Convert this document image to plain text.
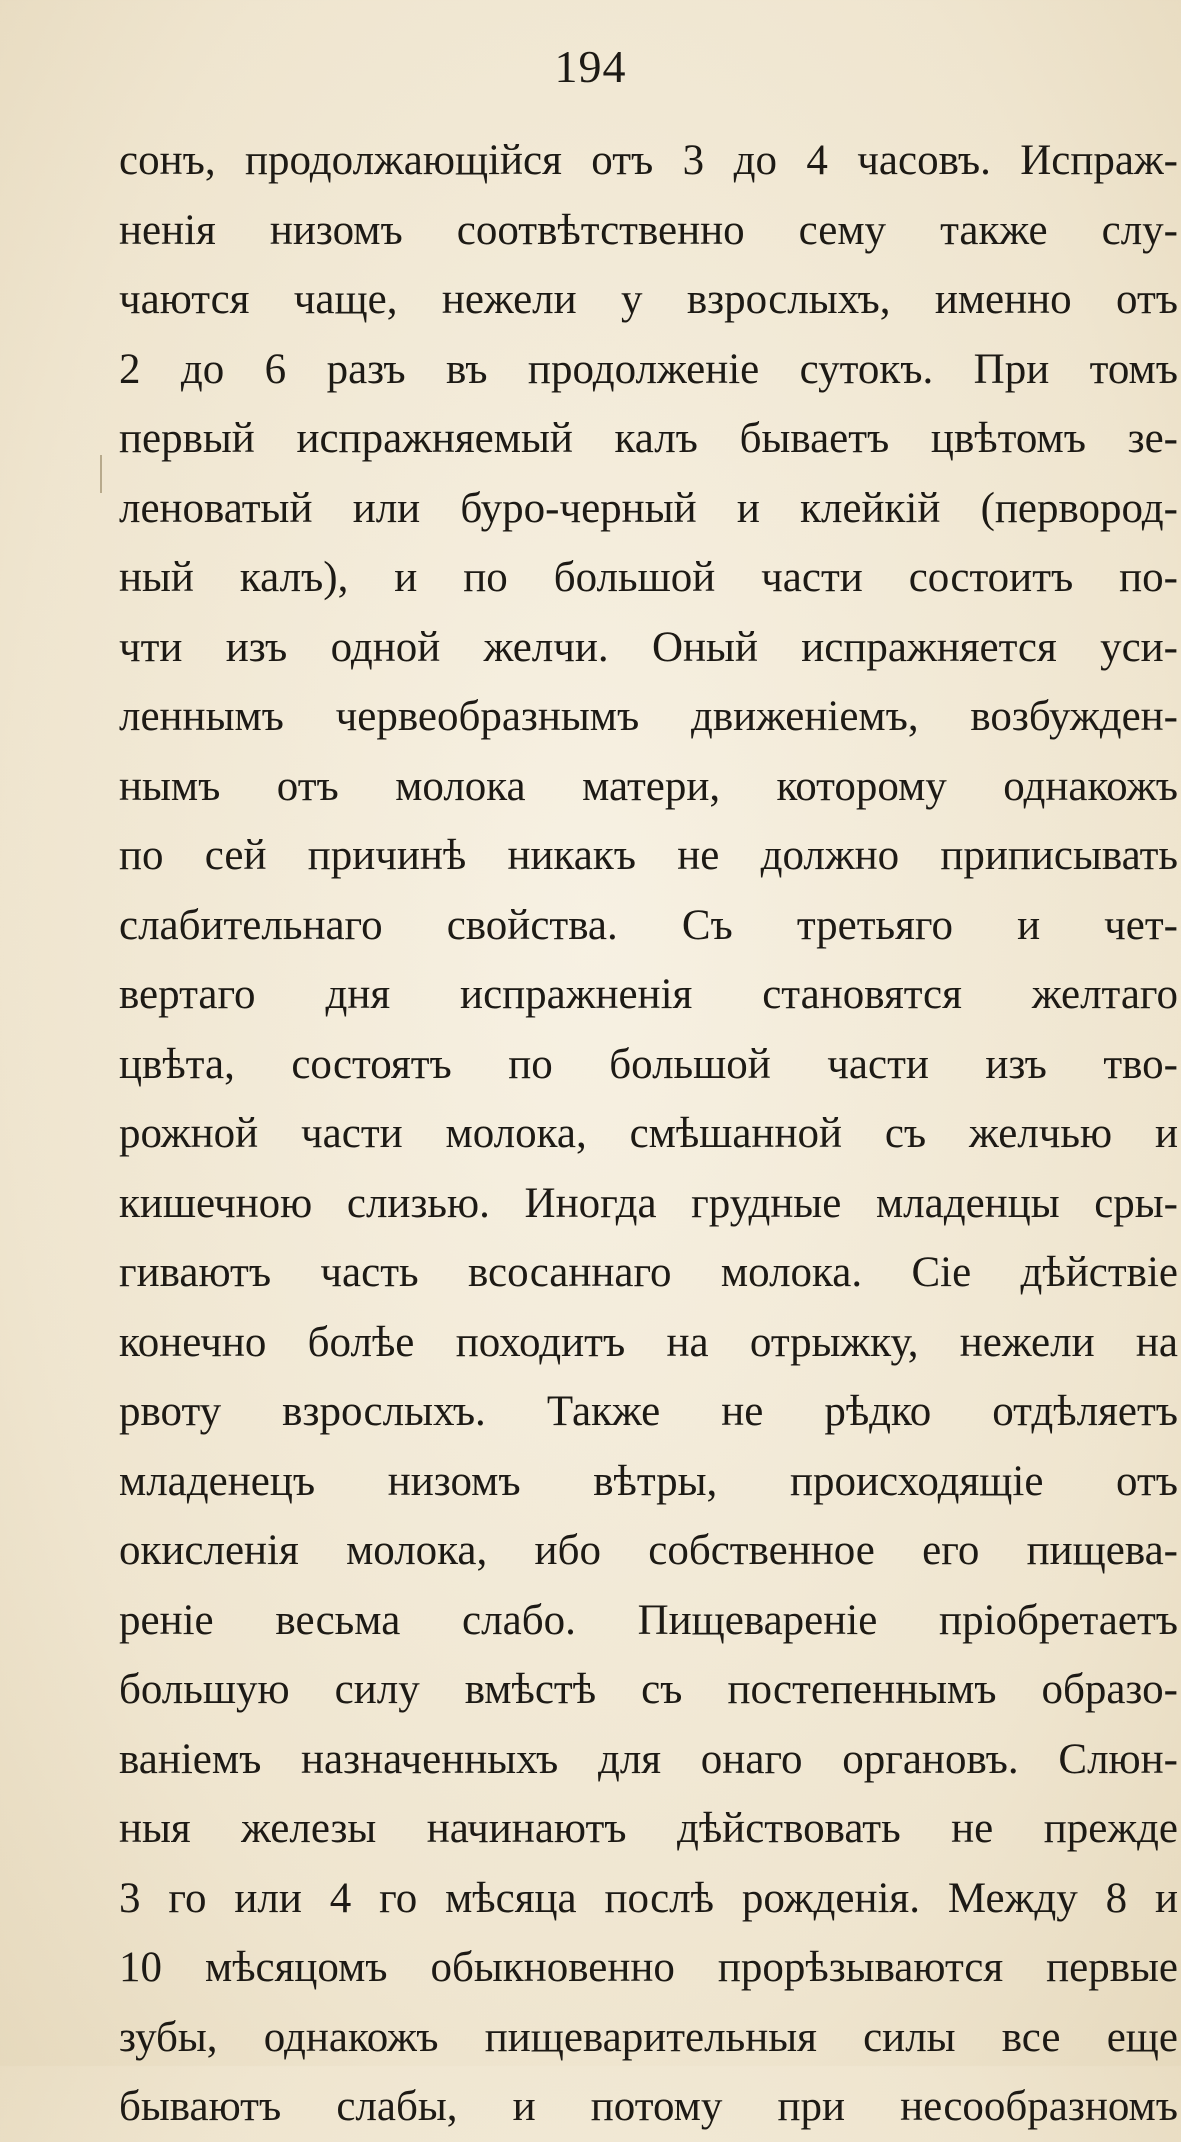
194
сонъ, продолжающійся отъ 3 до 4 часовъ. Испраж-
ненія низомъ соотвѣтственно сему также слу-
чаются чаще, нежели у взрослыхъ, именно отъ
2 до 6 разъ въ продолженіе сутокъ. При томъ
первый испражняемый калъ бываетъ цвѣтомъ зе-
леноватый или буро-черный и клейкій (первород-
ный калъ), и по большой части состоитъ по-
чти изъ одной желчи. Оный испражняется уси-
леннымъ червеобразнымъ движеніемъ, возбужден-
нымъ отъ молока матери, которому однакожъ
по сей причинѣ никакъ не должно приписывать
слабительнаго свойства. Съ третьяго и чет-
вертаго дня испражненія становятся желтаго
цвѣта, состоятъ по большой части изъ тво-
рожной части молока, смѣшанной съ желчью и
кишечною слизью. Иногда грудные младенцы сры-
гиваютъ часть всосаннаго молока. Сіе дѣйствіе
конечно болѣе походитъ на отрыжку, нежели на
рвоту взрослыхъ. Также не рѣдко отдѣляетъ
младенецъ низомъ вѣтры, происходящіе отъ
окисленія молока, ибо собственное его пищева-
реніе весьма слабо. Пищевареніе пріобретаетъ
большую силу вмѣстѣ съ постепеннымъ образо-
ваніемъ назначенныхъ для онаго органовъ. Слюн-
ныя железы начинаютъ дѣйствовать не прежде
3 го или 4 го мѣсяца послѣ рожденія. Между 8 и
10 мѣсяцомъ обыкновенно прорѣзываются первые
зубы, однакожъ пищеварительныя силы все еще
бываютъ слабы, и потому при несообразномъ
